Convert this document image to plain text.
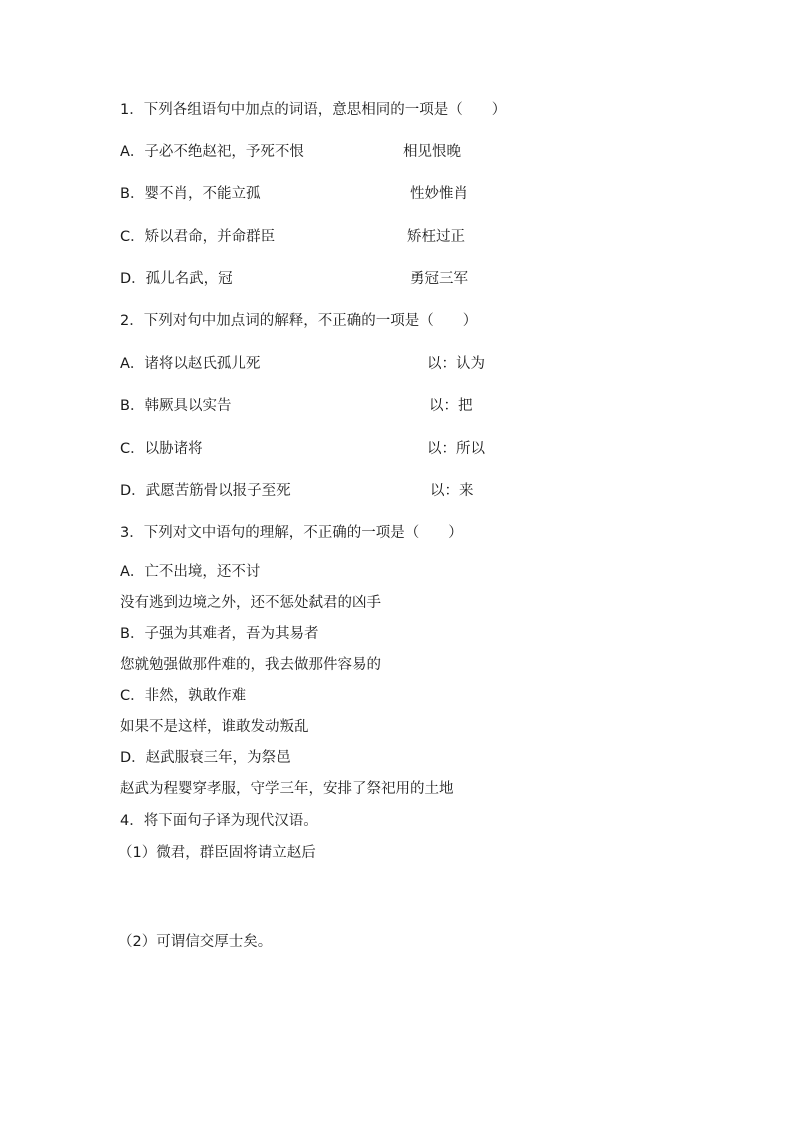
1．下列各组语句中加点的词语，意思相同的一项是（　　）
A．子必不绝赵祀，予死不恨	相见恨晚
B．婴不肖，不能立孤	性妙惟肖
C．矫以君命，并命群臣	矫枉过正
D．孤儿名武，冠	勇冠三军
2．下列对句中加点词的解释，不正确的一项是（　　）
A．诸将以赵氏孤儿死	以：认为
B．韩厥具以实告	以：把
C．以胁诸将	以：所以
D．武愿苦筋骨以报子至死	以：来
3．下列对文中语句的理解，不正确的一项是（　　）
A．亡不出境，还不讨
没有逃到边境之外，还不惩处弑君的凶手
B．子强为其难者，吾为其易者
您就勉强做那件难的，我去做那件容易的
C．非然，孰敢作难
如果不是这样，谁敢发动叛乱
D．赵武服衰三年，为祭邑
赵武为程婴穿孝服，守学三年，安排了祭祀用的土地
4．将下面句子译为现代汉语。
（1）微君，群臣固将请立赵后
（2）可谓信交厚士矣。
